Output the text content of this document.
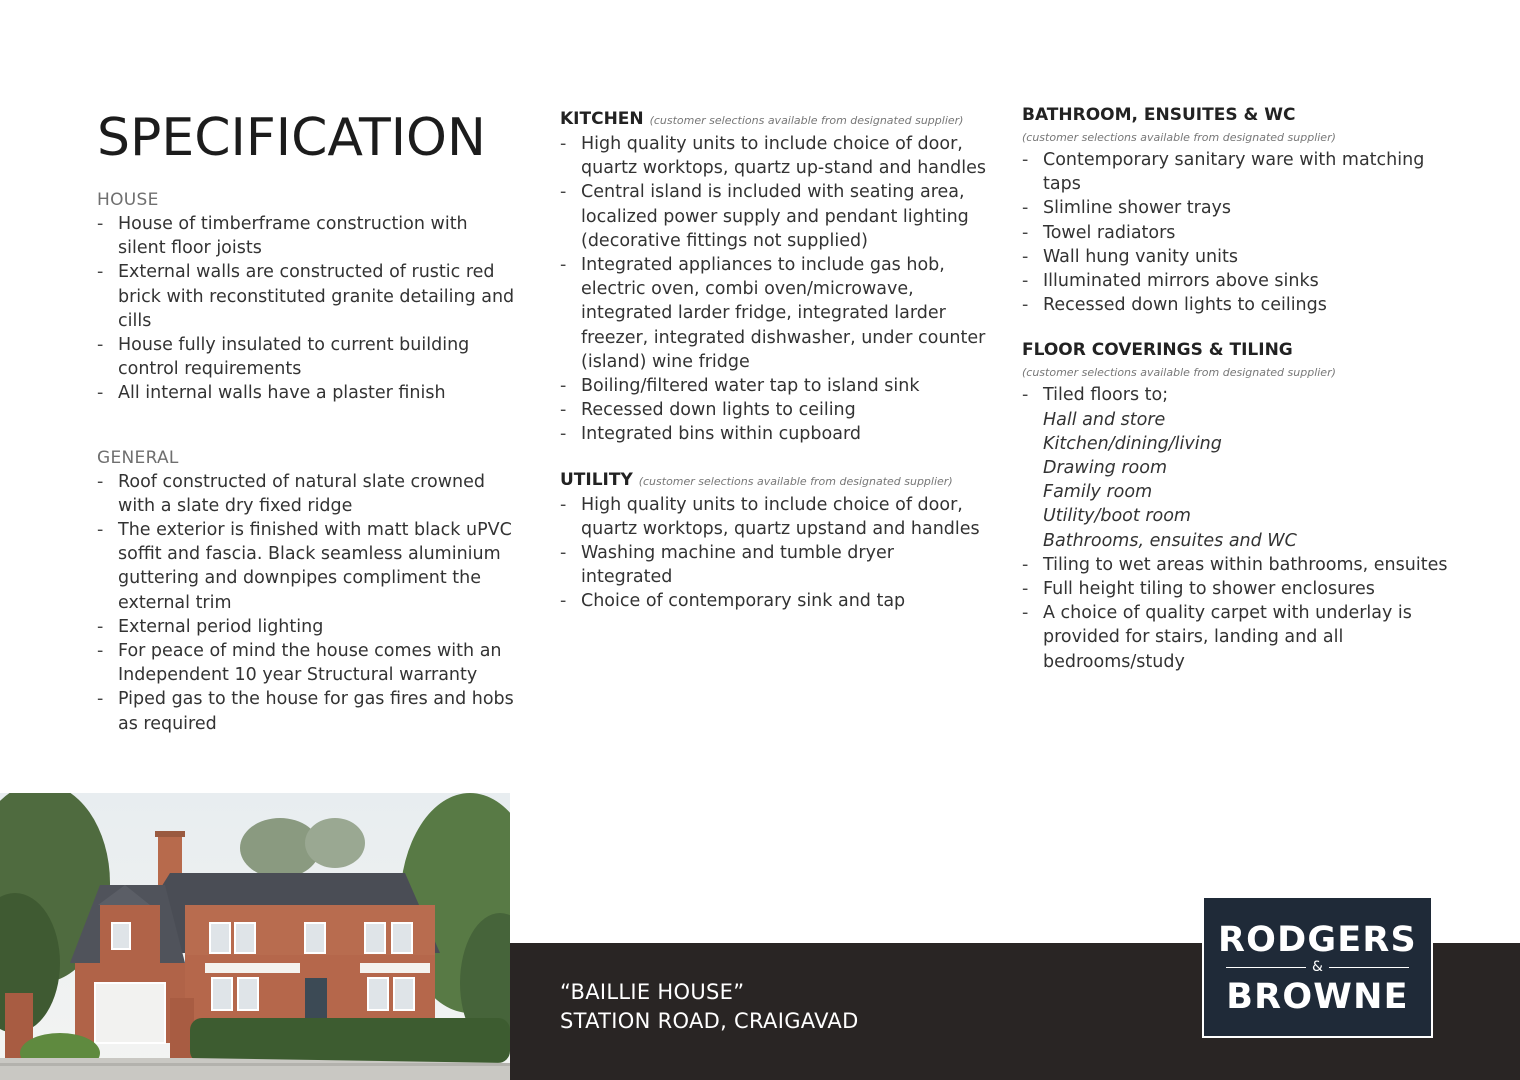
SPECIFICATION
HOUSE
- House of timberframe construction with silent floor joists
- External walls are constructed of rustic red brick with reconstituted granite detailing and cills
- House fully insulated to current building control requirements
- All internal walls have a plaster finish
GENERAL
- Roof constructed of natural slate crowned with a slate dry fixed ridge
- The exterior is finished with matt black uPVC soffit and fascia. Black seamless aluminium guttering and downpipes compliment the external trim
- External period lighting
- For peace of mind the house comes with an Independent 10 year Structural warranty
- Piped gas to the house for gas fires and hobs as required
KITCHEN (customer selections available from designated supplier)
- High quality units to include choice of door, quartz worktops, quartz up-stand and handles
- Central island is included with seating area, localized power supply and pendant lighting (decorative fittings not supplied)
- Integrated appliances to include gas hob, electric oven, combi oven/microwave, integrated larder fridge, integrated larder freezer, integrated dishwasher, under counter (island) wine fridge
- Boiling/filtered water tap to island sink
- Recessed down lights to ceiling
- Integrated bins within cupboard
UTILITY (customer selections available from designated supplier)
- High quality units to include choice of door, quartz worktops, quartz upstand and handles
- Washing machine and tumble dryer integrated
- Choice of contemporary sink and tap
BATHROOM, ENSUITES & WC
(customer selections available from designated supplier)
- Contemporary sanitary ware with matching taps
- Slimline shower trays
- Towel radiators
- Wall hung vanity units
- Illuminated mirrors above sinks
- Recessed down lights to ceilings
FLOOR COVERINGS & TILING
(customer selections available from designated supplier)
- Tiled floors to;
Hall and store
Kitchen/dining/living
Drawing room
Family room
Utility/boot room
Bathrooms, ensuites and WC
- Tiling to wet areas within bathrooms, ensuites
- Full height tiling to shower enclosures
- A choice of quality carpet with underlay is provided for stairs, landing and all bedrooms/study
“BAILLIE HOUSE”
STATION ROAD, CRAIGAVAD
RODGERS
&
BROWNE
